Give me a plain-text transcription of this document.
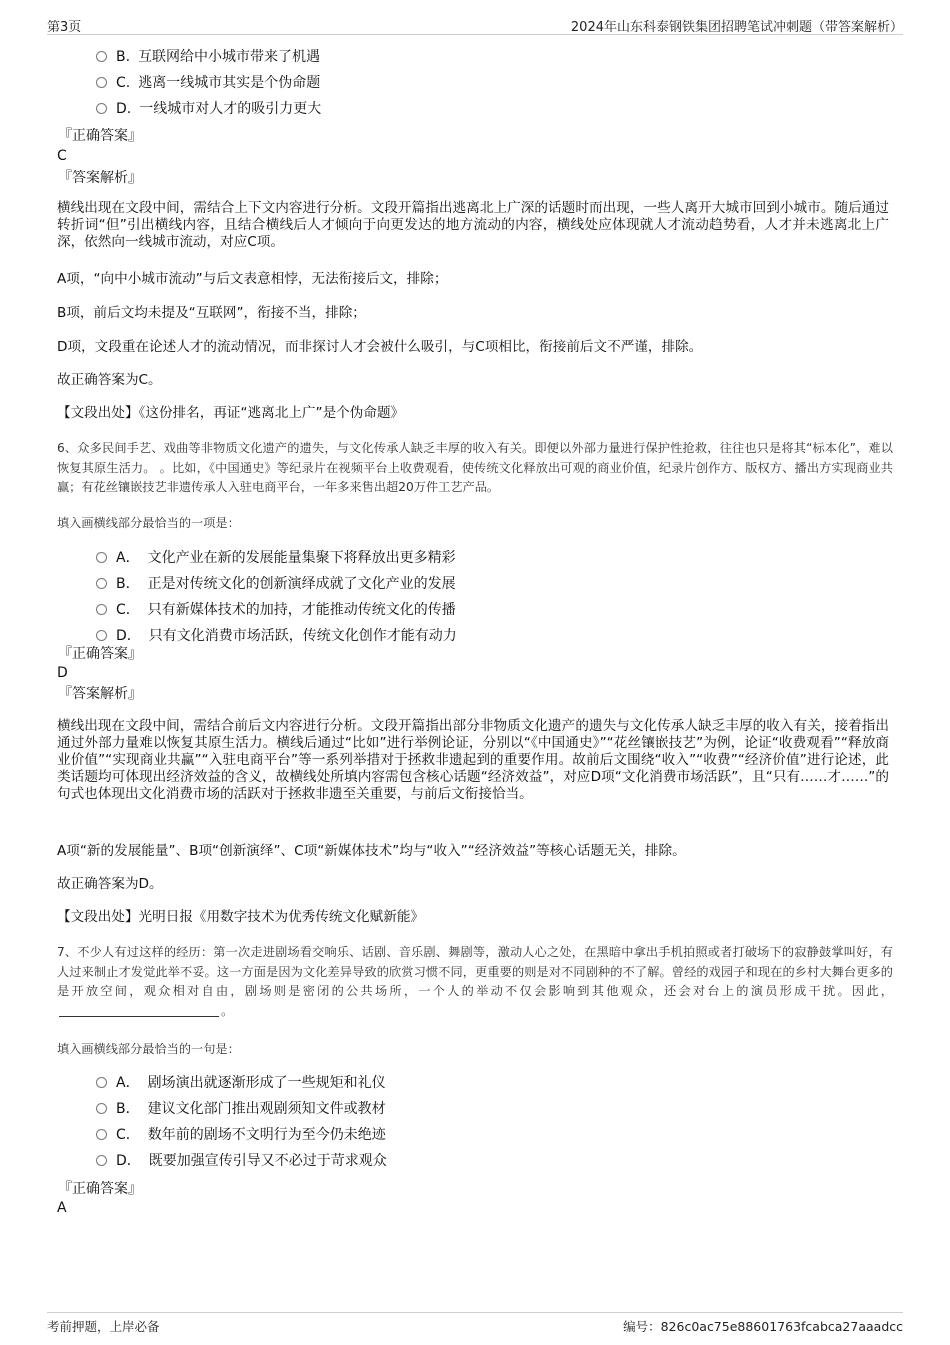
第3页	2024年山东科泰钢铁集团招聘笔试冲刺题（带答案解析）
B. 互联网给中小城市带来了机遇
C. 逃离一线城市其实是个伪命题
D. 一线城市对人才的吸引力更大
『正确答案』
C
『答案解析』
横线出现在文段中间，需结合上下文内容进行分析。文段开篇指出逃离北上广深的话题时而出现，一些人离开大城市回到小城市。随后通过转折词“但”引出横线内容，且结合横线后人才倾向于向更发达的地方流动的内容，横线处应体现就人才流动趋势看，人才并未逃离北上广深，依然向一线城市流动，对应C项。
A项，“向中小城市流动”与后文表意相悖，无法衔接后文，排除；
B项，前后文均未提及“互联网”，衔接不当，排除；
D项，文段重在论述人才的流动情况，而非探讨人才会被什么吸引，与C项相比，衔接前后文不严谨，排除。
故正确答案为C。
【文段出处】《这份排名，再证“逃离北上广”是个伪命题》
6、众多民间手艺、戏曲等非物质文化遗产的遗失，与文化传承人缺乏丰厚的收入有关。即便以外部力量进行保护性抢救，往往也只是将其“标本化”，难以恢复其原生活力。 。比如，《中国通史》等纪录片在视频平台上收费观看，使传统文化释放出可观的商业价值，纪录片创作方、版权方、播出方实现商业共赢；有花丝镶嵌技艺非遗传承人入驻电商平台，一年多来售出超20万件工艺产品。
填入画横线部分最恰当的一项是：
A． 文化产业在新的发展能量集聚下将释放出更多精彩
B． 正是对传统文化的创新演绎成就了文化产业的发展
C． 只有新媒体技术的加持，才能推动传统文化的传播
D． 只有文化消费市场活跃，传统文化创作才能有动力
『正确答案』
D
『答案解析』
横线出现在文段中间，需结合前后文内容进行分析。文段开篇指出部分非物质文化遗产的遗失与文化传承人缺乏丰厚的收入有关，接着指出通过外部力量难以恢复其原生活力。横线后通过“比如”进行举例论证，分别以“《中国通史》”“花丝镶嵌技艺”为例，论证“收费观看”“释放商业价值”“实现商业共赢”“入驻电商平台”等一系列举措对于拯救非遗起到的重要作用。故前后文围绕“收入”“收费”“经济价值”进行论述，此类话题均可体现出经济效益的含义，故横线处所填内容需包含核心话题“经济效益”，对应D项“文化消费市场活跃”，且“只有……才……”的句式也体现出文化消费市场的活跃对于拯救非遗至关重要，与前后文衔接恰当。
A项“新的发展能量”、B项“创新演绎”、C项“新媒体技术”均与“收入”“经济效益”等核心话题无关，排除。
故正确答案为D。
【文段出处】光明日报《用数字技术为优秀传统文化赋新能》
7、不少人有过这样的经历：第一次走进剧场看交响乐、话剧、音乐剧、舞剧等，激动人心之处，在黑暗中拿出手机拍照或者打破场下的寂静鼓掌叫好，有人过来制止才发觉此举不妥。这一方面是因为文化差异导致的欣赏习惯不同，更重要的则是对不同剧种的不了解。曾经的戏园子和现在的乡村大舞台更多的是开放空间，观众相对自由，剧场则是密闭的公共场所，一个人的举动不仅会影响到其他观众，还会对台上的演员形成干扰。因此，。
填入画横线部分最恰当的一句是：
A． 剧场演出就逐渐形成了一些规矩和礼仪
B． 建议文化部门推出观剧须知文件或教材
C． 数年前的剧场不文明行为至今仍未绝迹
D． 既要加强宣传引导又不必过于苛求观众
『正确答案』
A
考前押题，上岸必备	编号：826c0ac75e88601763fcabca27aaadcc
